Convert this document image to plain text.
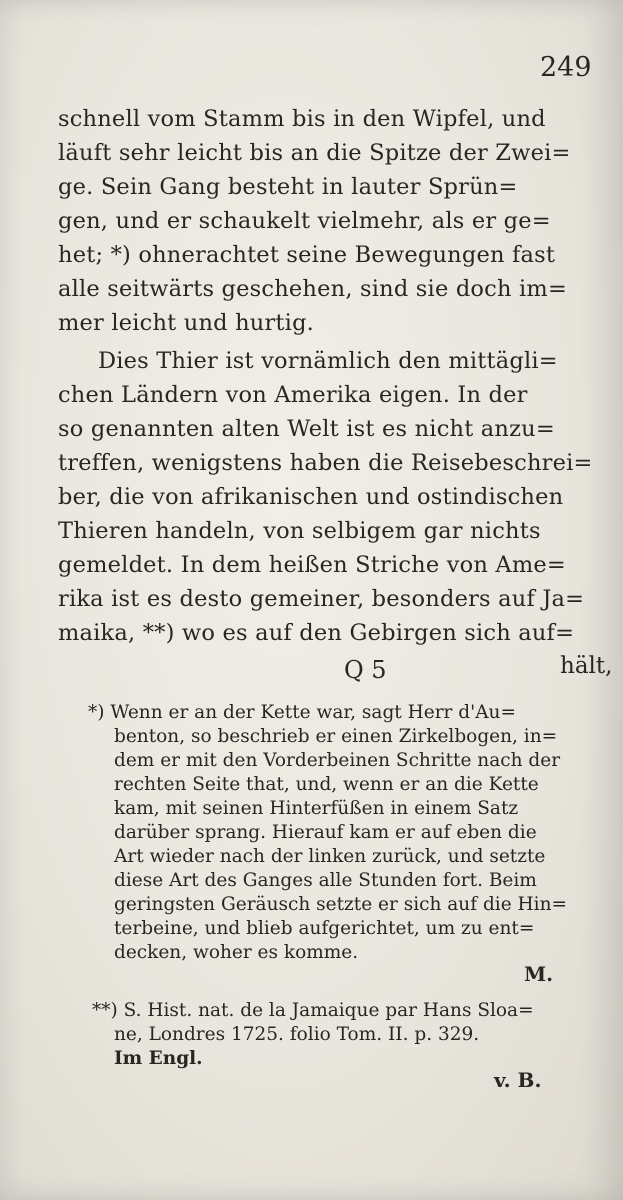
249
schnell vom Stamm bis in den Wipfel, und
läuft sehr leicht bis an die Spitze der Zwei=
ge. Sein Gang besteht in lauter Sprün=
gen, und er schaukelt vielmehr, als er ge=
het; *) ohnerachtet seine Bewegungen fast
alle seitwärts geschehen, sind sie doch im=
mer leicht und hurtig.
Dies Thier ist vornämlich den mittägli=
chen Ländern von Amerika eigen. In der
so genannten alten Welt ist es nicht anzu=
treffen, wenigstens haben die Reisebeschrei=
ber, die von afrikanischen und ostindischen
Thieren handeln, von selbigem gar nichts
gemeldet. In dem heißen Striche von Ame=
rika ist es desto gemeiner, besonders auf Ja=
maika, **) wo es auf den Gebirgen sich auf=
Q 5	hält,
*) Wenn er an der Kette war, sagt Herr d'Au=
benton, so beschrieb er einen Zirkelbogen, in=
dem er mit den Vorderbeinen Schritte nach der
rechten Seite that, und, wenn er an die Kette
kam, mit seinen Hinterfüßen in einem Satz
darüber sprang. Hierauf kam er auf eben die
Art wieder nach der linken zurück, und setzte
diese Art des Ganges alle Stunden fort. Beim
geringsten Geräusch setzte er sich auf die Hin=
terbeine, und blieb aufgerichtet, um zu ent=
decken, woher es komme.
M.
**) S. Hist. nat. de la Jamaique par Hans Sloa=
ne, Londres 1725. folio Tom. II. p. 329.
Im Engl.
v. B.
